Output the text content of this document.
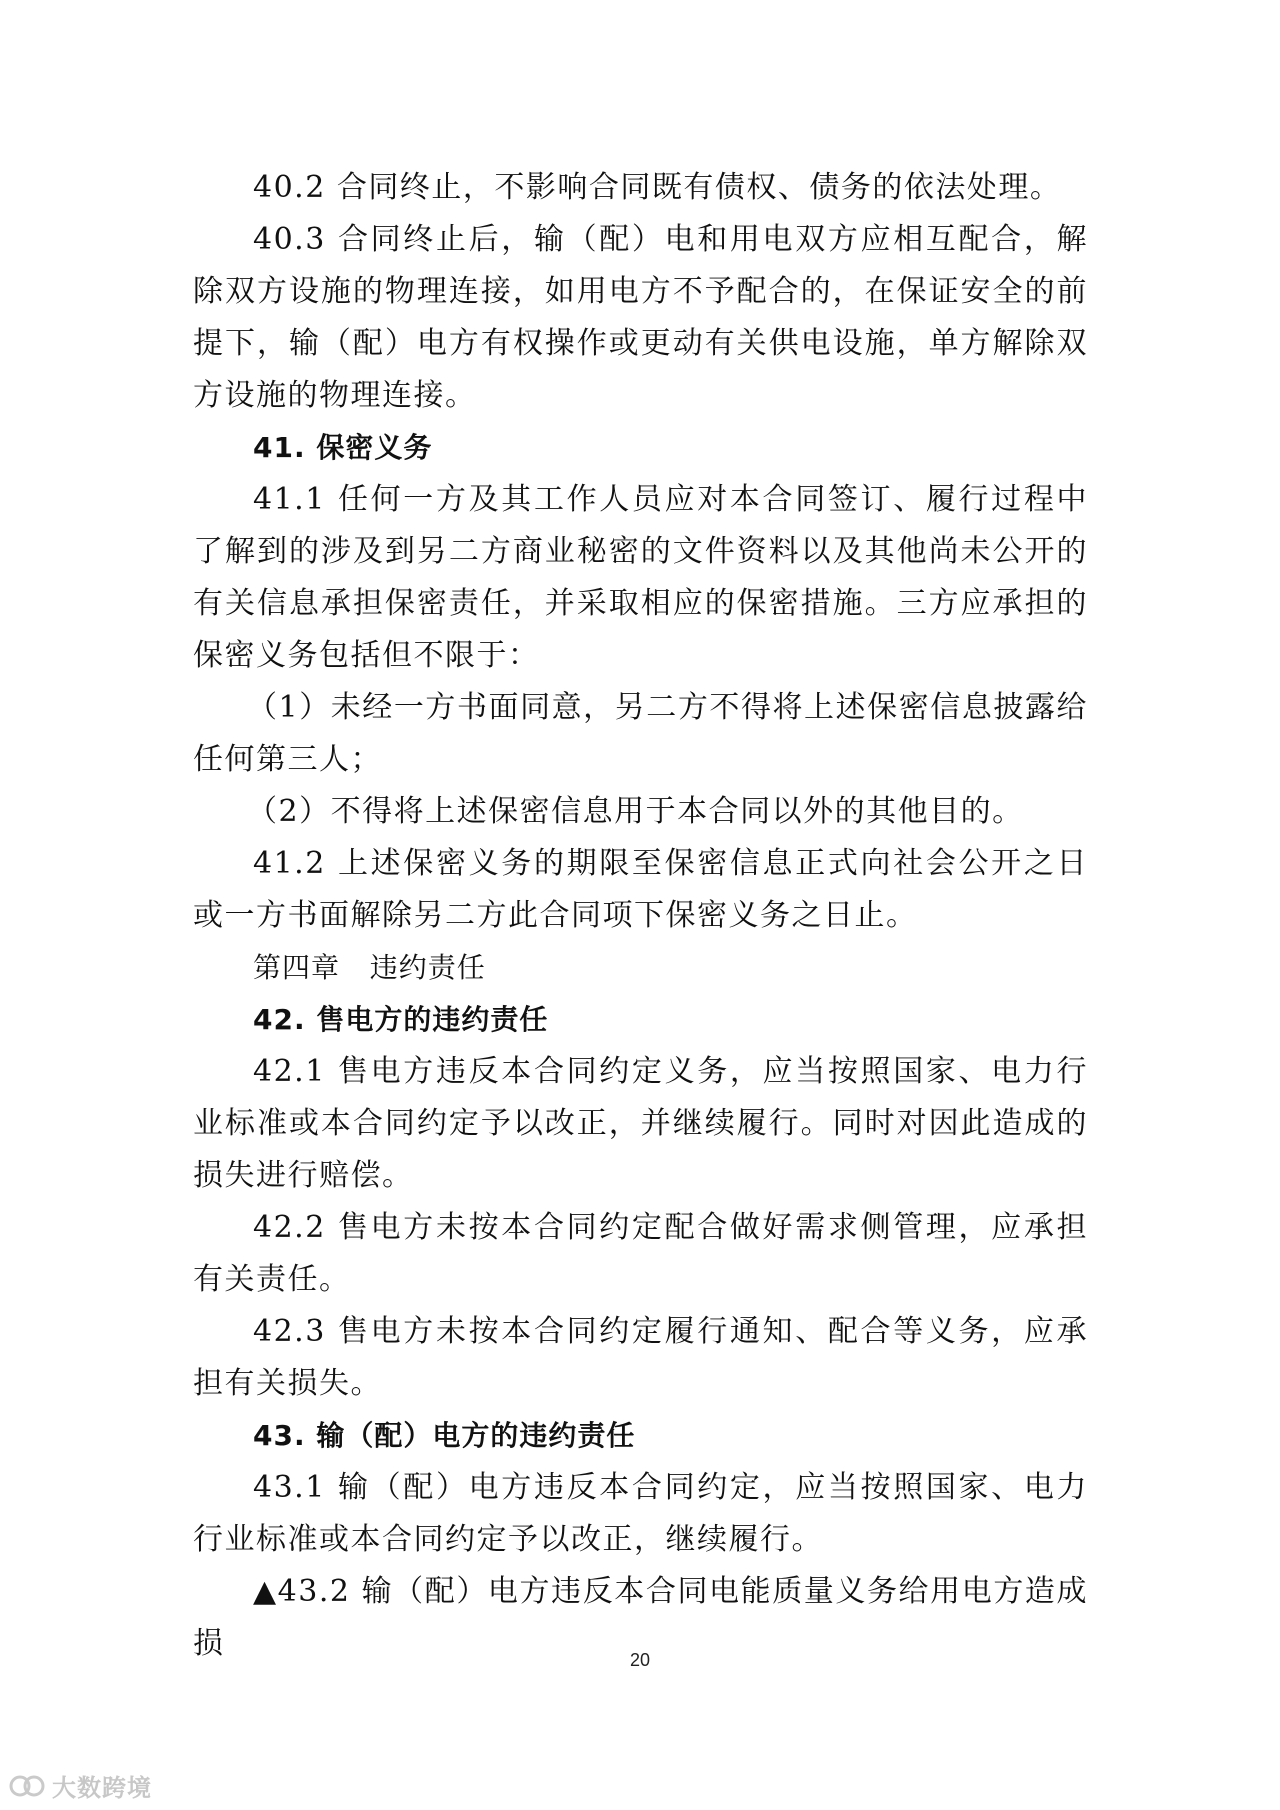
40.2 合同终止，不影响合同既有债权、债务的依法处理。

40.3 合同终止后，输（配）电和用电双方应相互配合，解除双方设施的物理连接，如用电方不予配合的，在保证安全的前提下，输（配）电方有权操作或更动有关供电设施，单方解除双方设施的物理连接。

41. 保密义务

41.1 任何一方及其工作人员应对本合同签订、履行过程中了解到的涉及到另二方商业秘密的文件资料以及其他尚未公开的有关信息承担保密责任，并采取相应的保密措施。三方应承担的保密义务包括但不限于：

（1）未经一方书面同意，另二方不得将上述保密信息披露给任何第三人；

（2）不得将上述保密信息用于本合同以外的其他目的。

41.2 上述保密义务的期限至保密信息正式向社会公开之日或一方书面解除另二方此合同项下保密义务之日止。

第四章   违约责任

42. 售电方的违约责任

42.1 售电方违反本合同约定义务，应当按照国家、电力行业标准或本合同约定予以改正，并继续履行。同时对因此造成的损失进行赔偿。

42.2 售电方未按本合同约定配合做好需求侧管理，应承担有关责任。

42.3 售电方未按本合同约定履行通知、配合等义务，应承担有关损失。

43. 输（配）电方的违约责任

43.1 输（配）电方违反本合同约定，应当按照国家、电力行业标准或本合同约定予以改正，继续履行。

▲43.2 输（配）电方违反本合同电能质量义务给用电方造成损	20
大数跨境
